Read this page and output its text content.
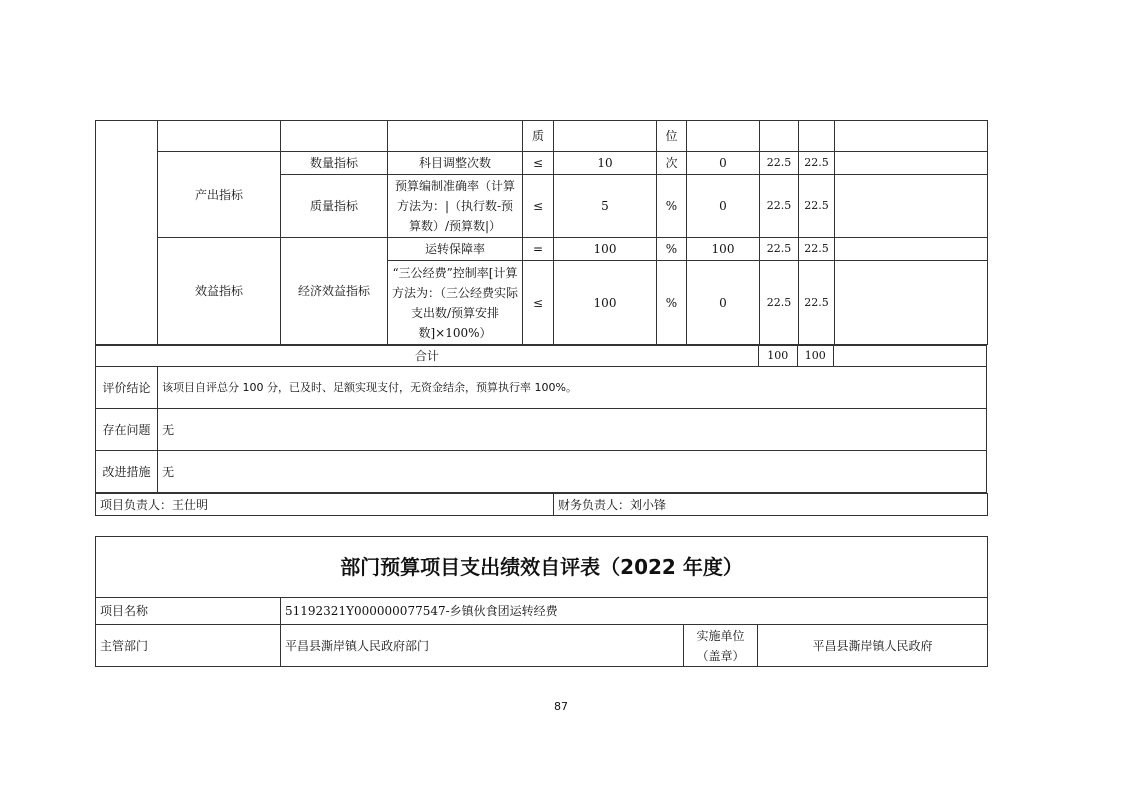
				质		位				
	产出指标	数量指标	科目调整次数	≤	10	次	0	22.5	22.5	
		质量指标	预算编制准确率（计算方法为：|（执行数-预算数）/预算数|）	≤	5	%	0	22.5	22.5	
	效益指标	经济效益指标	运转保障率	=	100	%	100	22.5	22.5	
			“三公经费”控制率[计算方法为：（三公经费实际支出数/预算安排数]×100%）	≤	100	%	0	22.5	22.5	
合计		100	100	
评价结论	该项目自评总分 100 分，已及时、足额实现支付，无资金结余，预算执行率 100%。			
存在问题	无			
改进措施	无			
项目负责人：王仕明	财务负责人：刘小锋
部门预算项目支出绩效自评表（2022 年度）			
项目名称	51192321Y000000077547-乡镇伙食团运转经费		
主管部门	平昌县澌岸镇人民政府部门	实施单位（盖章）	平昌县澌岸镇人民政府
87
